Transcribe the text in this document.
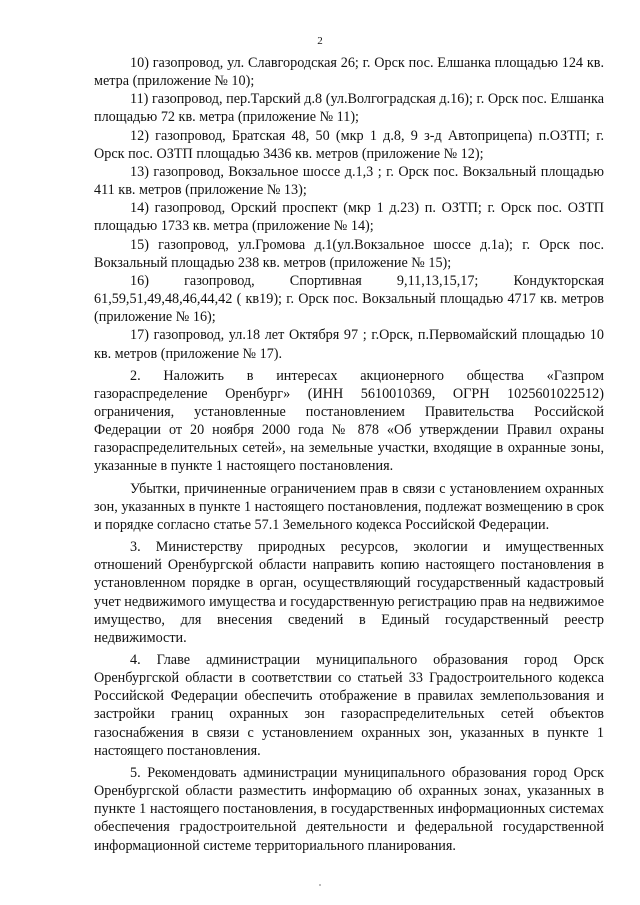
2

10) газопровод, ул. Славгородская 26; г. Орск пос. Елшанка площадью 124 кв. метра (приложение № 10);

11) газопровод, пер.Тарский д.8 (ул.Волгоградская д.16); г. Орск пос. Елшанка площадью 72 кв. метра (приложение № 11);

12) газопровод, Братская 48, 50 (мкр 1 д.8, 9 з-д Автоприцепа) п.ОЗТП; г. Орск пос. ОЗТП площадью 3436 кв. метров (приложение № 12);

13) газопровод, Вокзальное шоссе д.1,3 ; г. Орск пос. Вокзальный площадью 411 кв. метров (приложение № 13);

14) газопровод, Орский проспект (мкр 1 д.23) п. ОЗТП; г. Орск пос. ОЗТП площадью 1733 кв. метра (приложение № 14);

15) газопровод, ул.Громова д.1(ул.Вокзальное шоссе д.1а); г. Орск пос. Вокзальный площадью 238 кв. метров (приложение № 15);

16) газопровод, Спортивная 9,11,13,15,17; Кондукторская 61,59,51,49,48,46,44,42 ( кв19); г. Орск пос. Вокзальный площадью 4717 кв. метров (приложение № 16);

17) газопровод, ул.18 лет Октября 97 ; г.Орск, п.Первомайский площадью 10 кв. метров (приложение № 17).

2. Наложить в интересах акционерного общества «Газпром газораспределение Оренбург» (ИНН 5610010369, ОГРН 1025601022512) ограничения, установленные постановлением Правительства Российской Федерации от 20 ноября 2000 года № 878 «Об утверждении Правил охраны газораспределительных сетей», на земельные участки, входящие в охранные зоны, указанные в пункте 1 настоящего постановления.

Убытки, причиненные ограничением прав в связи с установлением охранных зон, указанных в пункте 1 настоящего постановления, подлежат возмещению в срок и порядке согласно статье 57.1 Земельного кодекса Российской Федерации.

3. Министерству природных ресурсов, экологии и имущественных отношений Оренбургской области направить копию настоящего постановления в установленном порядке в орган, осуществляющий государственный кадастровый учет недвижимого имущества и государственную регистрацию прав на недвижимое имущество, для внесения сведений в Единый государственный реестр недвижимости.

4. Главе администрации муниципального образования город Орск Оренбургской области в соответствии со статьей 33 Градостроительного кодекса Российской Федерации обеспечить отображение в правилах землепользования и застройки границ охранных зон газораспределительных сетей объектов газоснабжения в связи с установлением охранных зон, указанных в пункте 1 настоящего постановления.

5. Рекомендовать администрации муниципального образования город Орск Оренбургской области разместить информацию об охранных зонах, указанных в пункте 1 настоящего постановления, в государственных информационных системах обеспечения градостроительной деятельности и федеральной государственной информационной системе территориального планирования.
